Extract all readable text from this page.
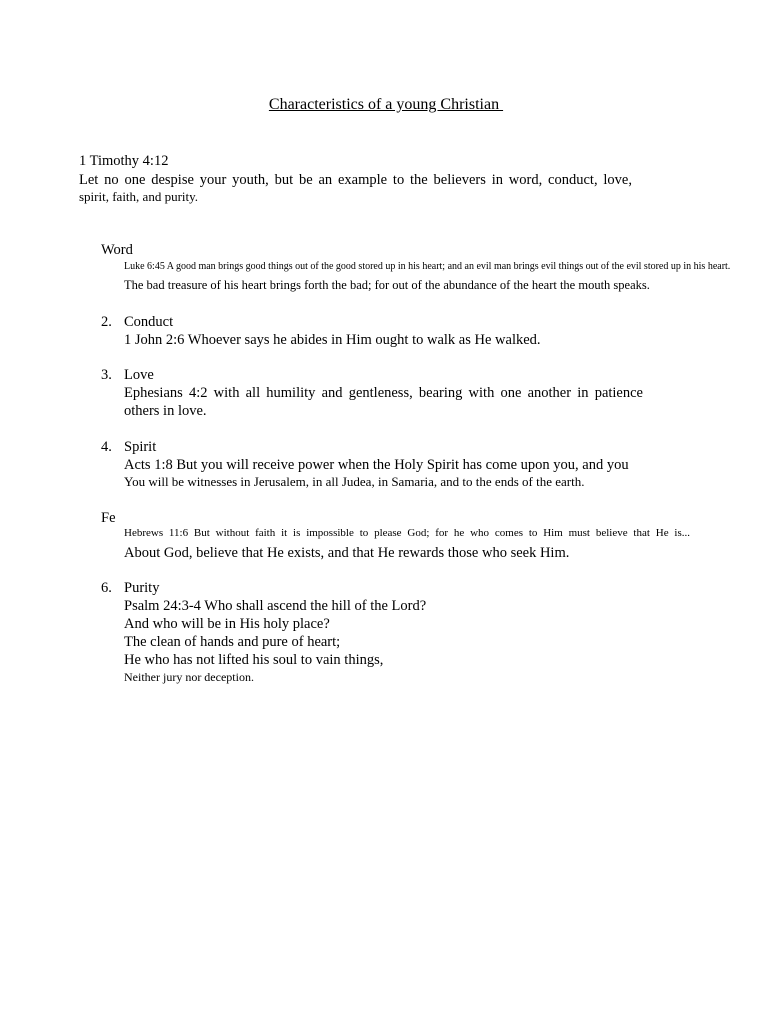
Characteristics of a young Christian
1 Timothy 4:12
Let no one despise your youth, but be an example to the believers in word, conduct, love,
spirit, faith, and purity.
Word
Luke 6:45 A good man brings good things out of the good stored up in his heart; and an evil man brings evil things out of the evil stored up in his heart.
The bad treasure of his heart brings forth the bad; for out of the abundance of the heart the mouth speaks.
2. Conduct
1 John 2:6 Whoever says he abides in Him ought to walk as He walked.
3. Love
Ephesians 4:2 with all humility and gentleness, bearing with one another in patience
others in love.
4. Spirit
Acts 1:8 But you will receive power when the Holy Spirit has come upon you, and you
You will be witnesses in Jerusalem, in all Judea, in Samaria, and to the ends of the earth.
Fe
Hebrews 11:6 But without faith it is impossible to please God; for he who comes to Him must believe that He is...
About God, believe that He exists, and that He rewards those who seek Him.
6. Purity
Psalm 24:3-4 Who shall ascend the hill of the Lord?
And who will be in His holy place?
The clean of hands and pure of heart;
He who has not lifted his soul to vain things,
Neither jury nor deception.
